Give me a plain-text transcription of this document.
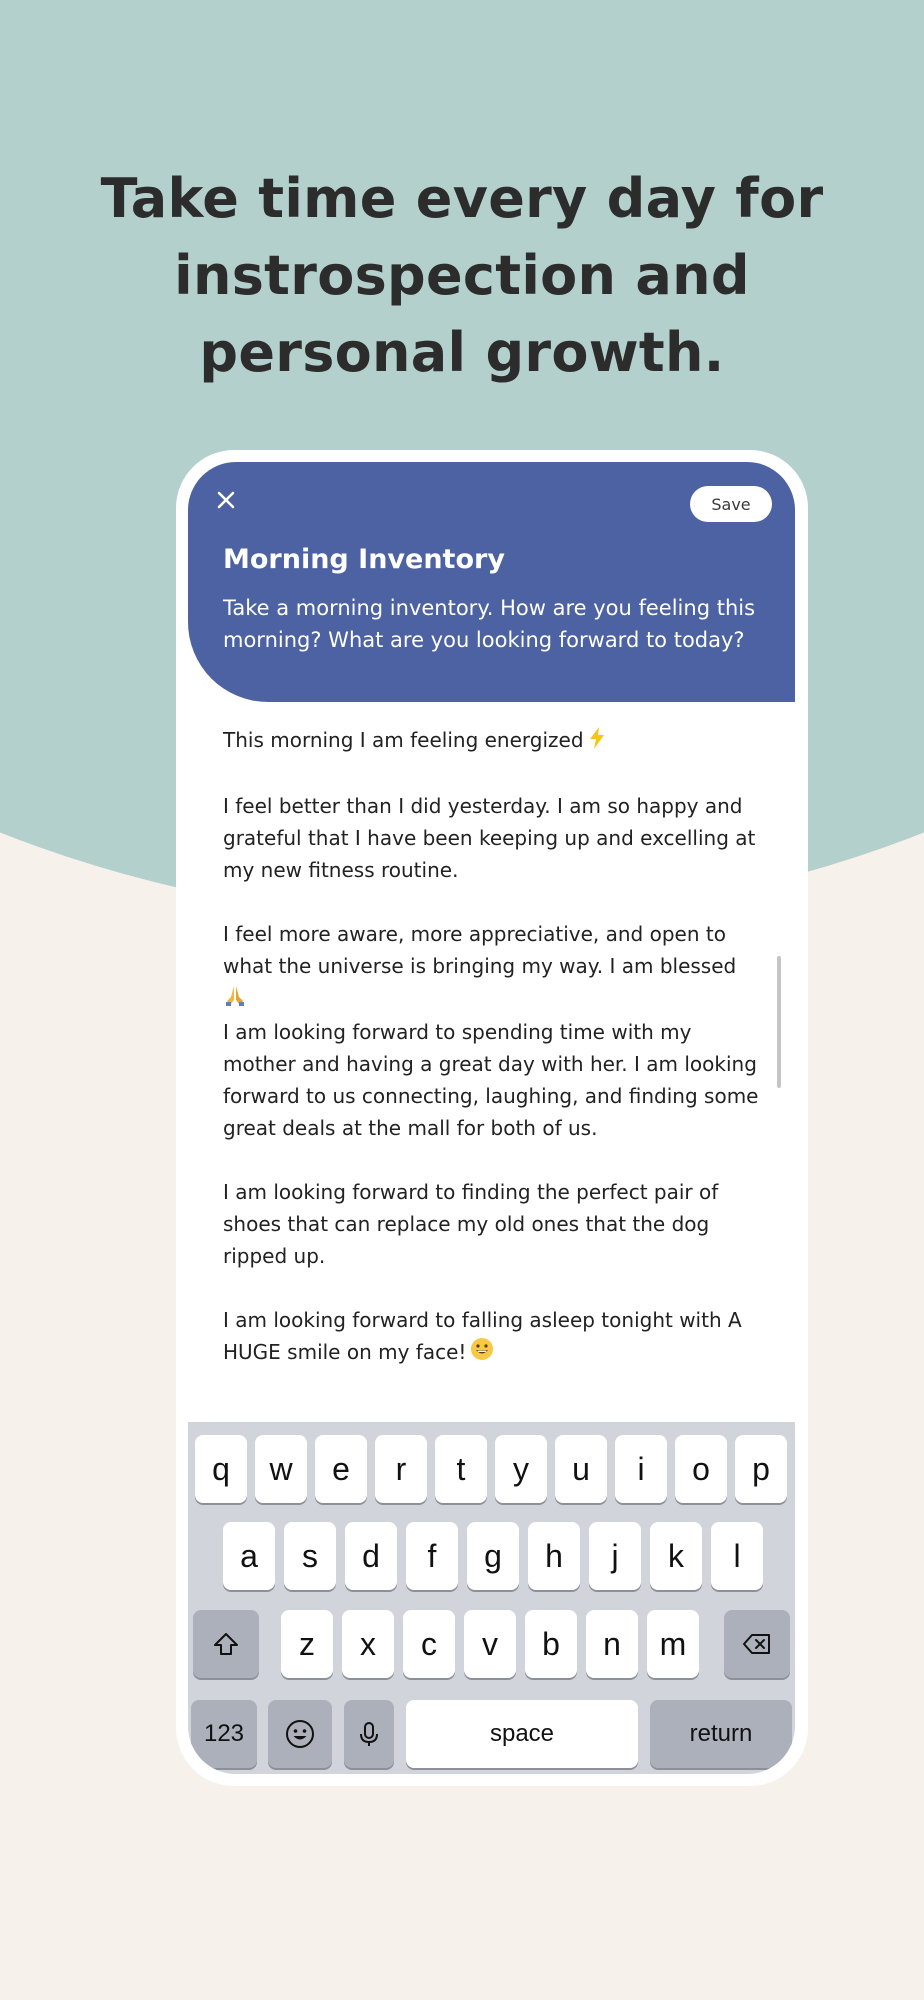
Take time every day for instrospection and personal growth.
Save
Morning Inventory
Take a morning inventory. How are you feeling this morning? What are you looking forward to today?

This morning I am feeling energized

I feel better than I did yesterday. I am so happy and grateful that I have been keeping up and excelling at my new fitness routine.

I feel more aware, more appreciative, and open to what the universe is bringing my way. I am blessed

I am looking forward to spending time with my mother and having a great day with her. I am looking forward to us connecting, laughing, and finding some great deals at the mall for both of us.

I am looking forward to finding the perfect pair of shoes that can replace my old ones that the dog ripped up.

I am looking forward to falling asleep tonight with A HUGE smile on my face!

q	w	e	r	t	y	u	i	o	p
a	s	d	f	g	h	j	k	l
z	x	c	v	b	n	m
123	space	return
